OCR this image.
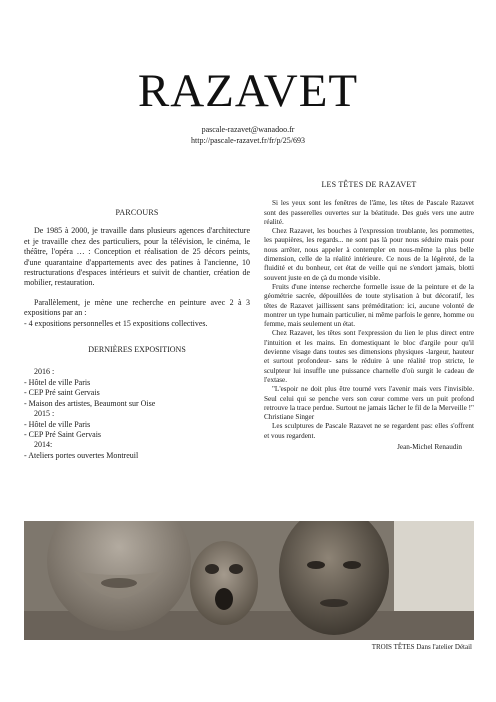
RAZAVET
pascale-razavet@wanadoo.fr
http://pascale-razavet.fr/fr/p/25/693
PARCOURS

De 1985 à 2000, je travaille dans plusieurs agences d'architecture et je travaille chez des particuliers, pour la télévision, le cinéma, le théâtre, l'opéra … : Conception et réalisation de 25 décors peints, d'une quarantaine d'appartements avec des patines à l'ancienne, 10 restructurations d'espaces intérieurs et suivit de chantier, création de mobilier, restauration.

Parallèlement, je mène une recherche en peinture avec 2 à 3 expositions par an :

- 4 expositions personnelles et 15 expositions collectives.

DERNIÈRES EXPOSITIONS
2016 :
- Hôtel de ville Paris
- CEP Pré saint Gervais
- Maison des artistes, Beaumont sur Oise
2015 :
- Hôtel de ville Paris
- CEP Pré Saint Gervais
2014:
- Ateliers portes ouvertes Montreuil
LES TÊTES DE RAZAVET

Si les yeux sont les fenêtres de l'âme, les têtes de Pascale Razavet sont des passerelles ouvertes sur la béatitude. Des gués vers une autre réalité.

Chez Razavet, les bouches à l'expression troublante, les pommettes, les paupières, les regards... ne sont pas là pour nous séduire mais pour nous arrêter, nous appeler à contempler en nous-même la plus belle dimension, celle de la réalité intérieure. Ce nous de la légèreté, de la fluidité et du bonheur, cet état de veille qui ne s'endort jamais, blotti souvent juste en de çà du monde visible.

Fruits d'une intense recherche formelle issue de la peinture et de la géométrie sacrée, dépouillées de toute stylisation à but décoratif, les têtes de Razavet jaillissent sans préméditation: ici, aucune volonté de montrer un type humain particulier, ni même parfois le genre, homme ou femme, mais seulement un état.

Chez Razavet, les têtes sont l'expression du lien le plus direct entre l'intuition et les mains. En domestiquant le bloc d'argile pour qu'il devienne visage dans toutes ses dimensions physiques -largeur, hauteur et surtout profondeur- sans le réduire à une réalité trop stricte, le sculpteur lui insuffle une puissance charnelle d'où surgit le cadeau de l'extase.

"L'espoir ne doit plus être tourné vers l'avenir mais vers l'invisible. Seul celui qui se penche vers son cœur comme vers un puit profond retrouve la trace perdue. Surtout ne jamais lâcher le fil de la Merveille !" Christiane Singer

Les sculptures de Pascale Razavet ne se regardent pas: elles s'offrent et vous regardent.

Jean-Michel Renaudin

TROIS TÊTES Dans l'atelier Détail
